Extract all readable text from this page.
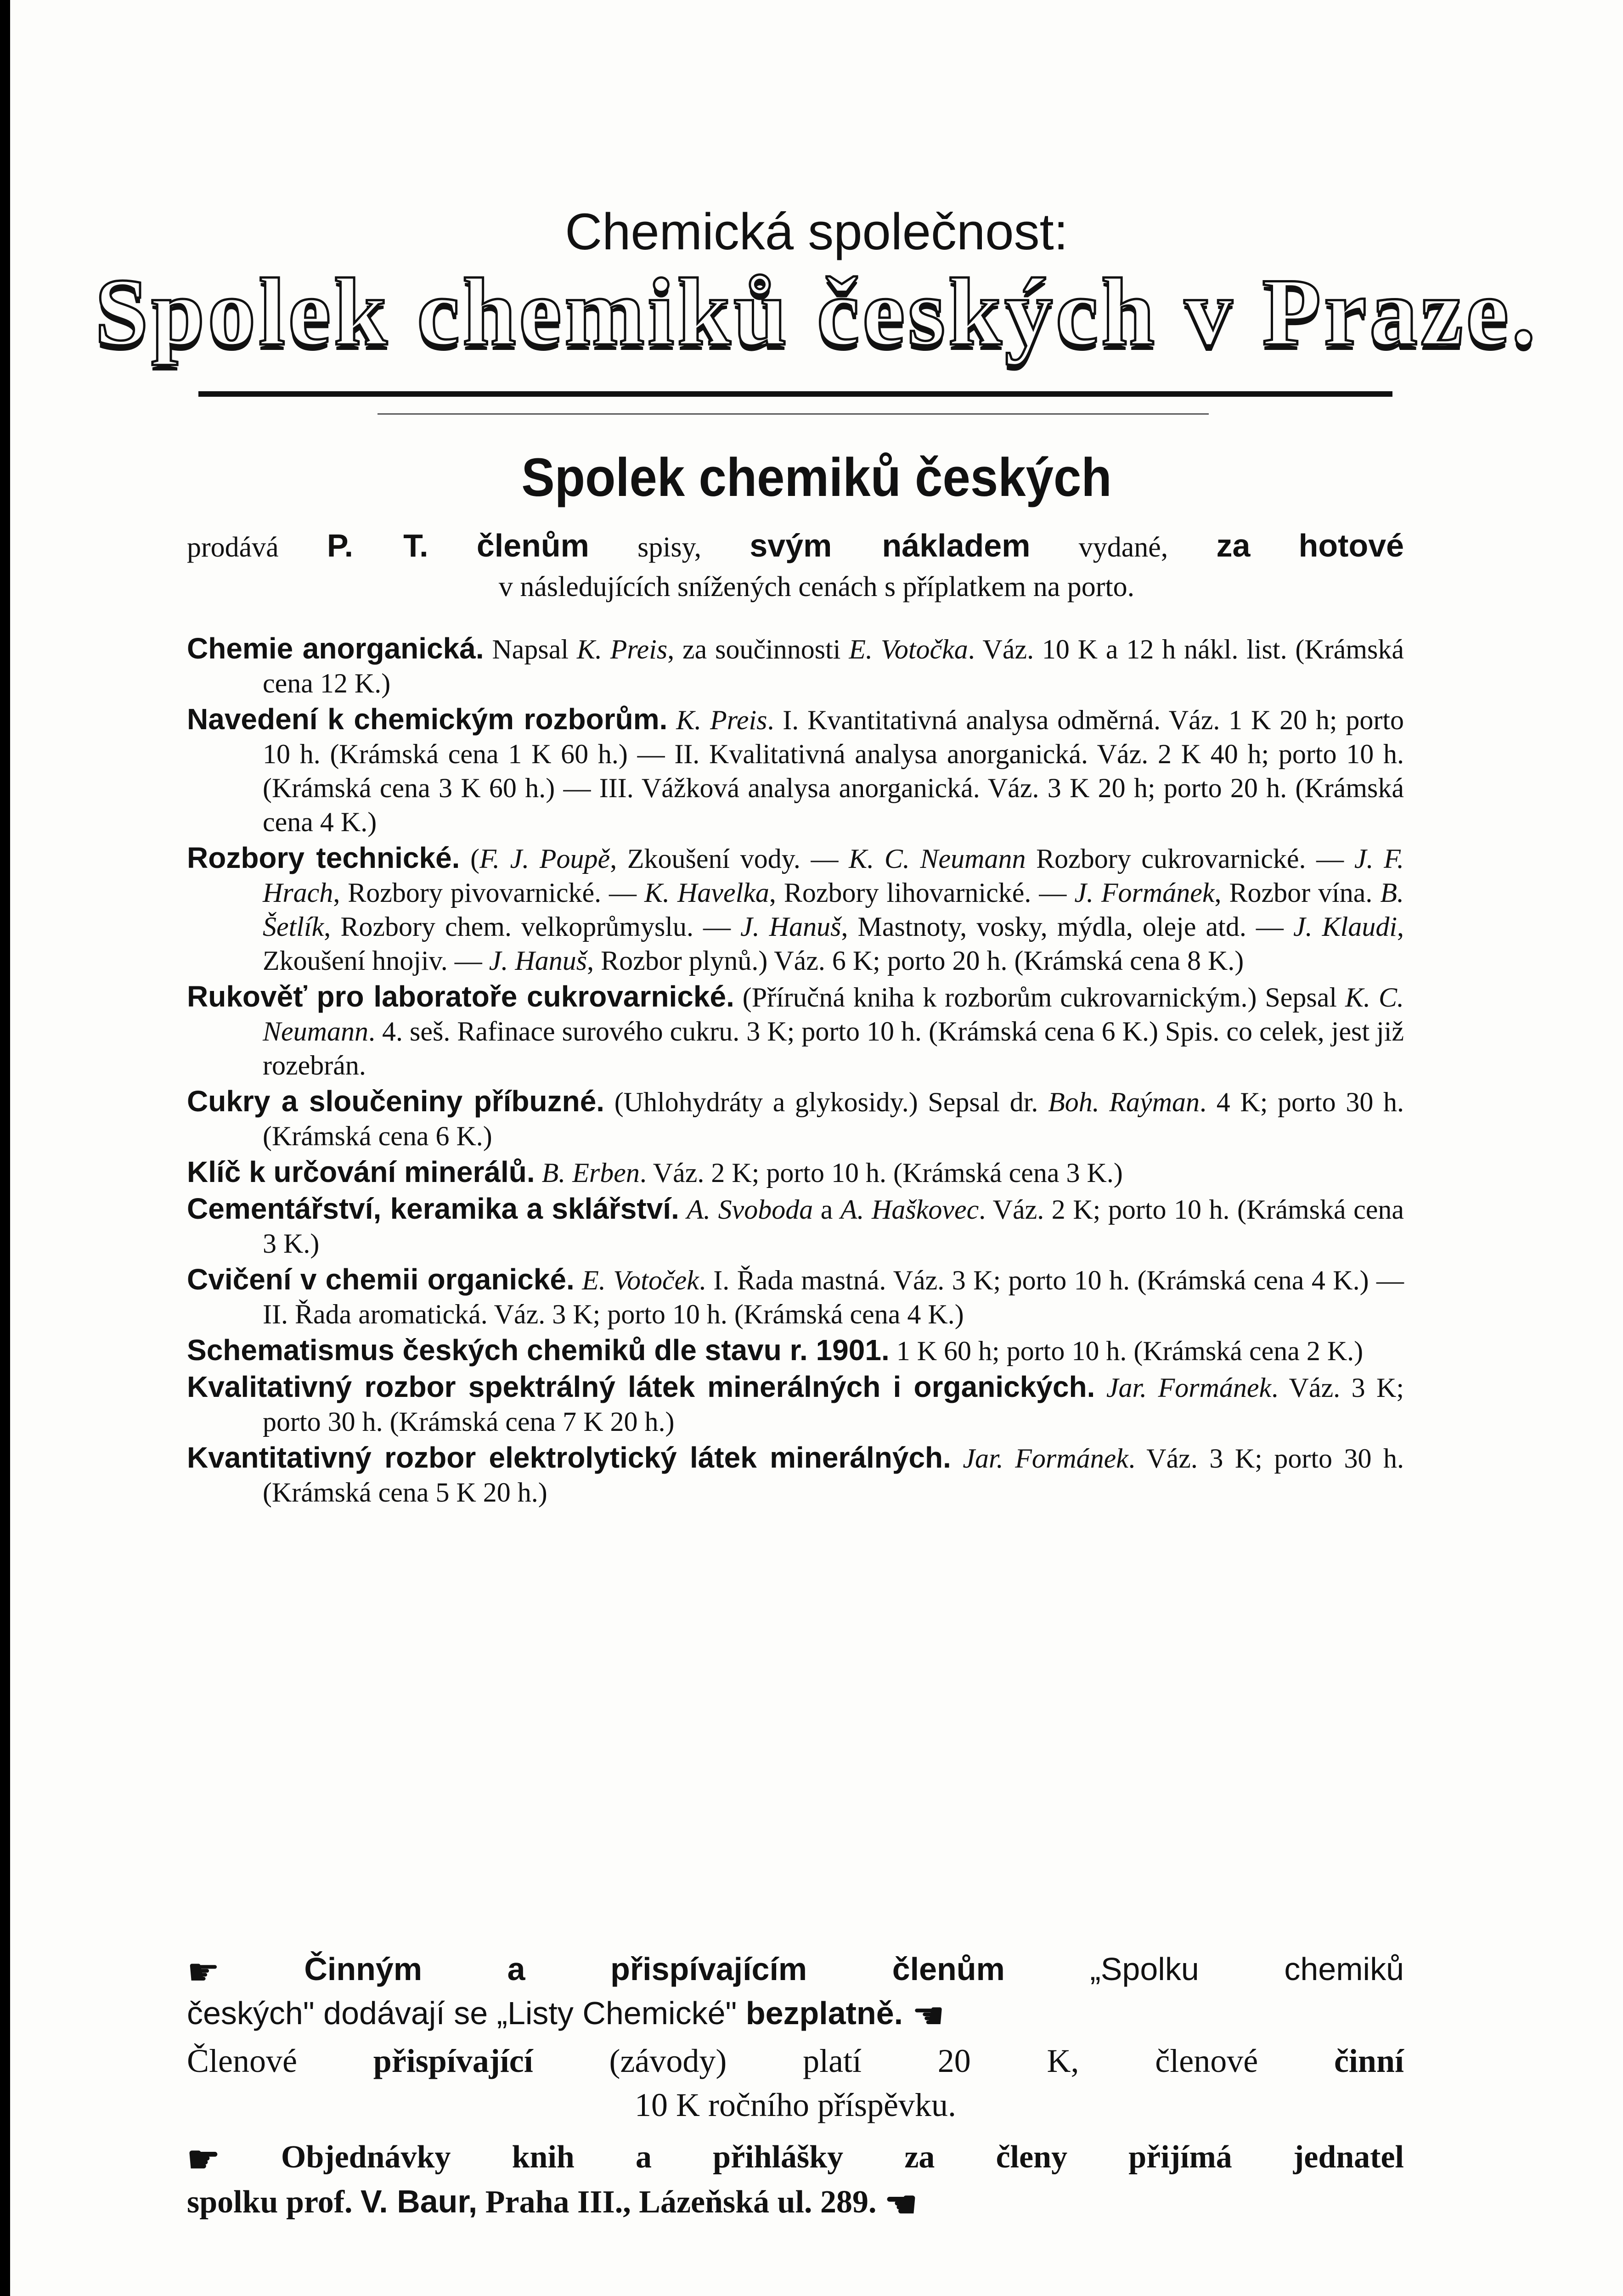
Chemická společnost:
Spolek chemiků českých v Praze.
Spolek chemiků českých
prodává P. T. členům spisy, svým nákladem vydané, za hotové
v následujících snížených cenách s příplatkem na porto.
Chemie anorganická. Napsal K. Preis, za součinnosti E. Votočka. Váz. 10 K a 12 h nákl. list. (Krámská cena 12 K.)
Navedení k chemickým rozborům. K. Preis. I. Kvantitativná analysa odměrná. Váz. 1 K 20 h; porto 10 h. (Krámská cena 1 K 60 h.) — II. Kvalitativná analysa anorganická. Váz. 2 K 40 h; porto 10 h. (Krámská cena 3 K 60 h.) — III. Vážková analysa anorganická. Váz. 3 K 20 h; porto 20 h. (Krámská cena 4 K.)
Rozbory technické. (F. J. Poupě, Zkoušení vody. — K. C. Neumann Rozbory cukrovarnické. — J. F. Hrach, Rozbory pivovarnické. — K. Havelka, Rozbory lihovarnické. — J. Formánek, Rozbor vína. B. Šetlík, Rozbory chem. velkoprůmyslu. — J. Hanuš, Mastnoty, vosky, mýdla, oleje atd. — J. Klaudi, Zkoušení hnojiv. — J. Hanuš, Rozbor plynů.) Váz. 6 K; porto 20 h. (Krámská cena 8 K.)
Rukověť pro laboratoře cukrovarnické. (Příručná kniha k rozborům cukrovarnickým.) Sepsal K. C. Neumann. 4. seš. Rafinace surového cukru. 3 K; porto 10 h. (Krámská cena 6 K.) Spis. co celek, jest již rozebrán.
Cukry a sloučeniny příbuzné. (Uhlohydráty a glykosidy.) Sepsal dr. Boh. Raýman. 4 K; porto 30 h. (Krámská cena 6 K.)
Klíč k určování minerálů. B. Erben. Váz. 2 K; porto 10 h. (Krámská cena 3 K.)
Cementářství, keramika a sklářství. A. Svoboda a A. Haškovec. Váz. 2 K; porto 10 h. (Krámská cena 3 K.)
Cvičení v chemii organické. E. Votoček. I. Řada mastná. Váz. 3 K; porto 10 h. (Krámská cena 4 K.) — II. Řada aromatická. Váz. 3 K; porto 10 h. (Krámská cena 4 K.)
Schematismus českých chemiků dle stavu r. 1901. 1 K 60 h; porto 10 h. (Krámská cena 2 K.)
Kvalitativný rozbor spektrálný látek minerálných i organických. Jar. Formánek. Váz. 3 K; porto 30 h. (Krámská cena 7 K 20 h.)
Kvantitativný rozbor elektrolytický látek minerálných. Jar. Formánek. Váz. 3 K; porto 30 h. (Krámská cena 5 K 20 h.)
☛	Činným a přispívajícím členům „Spolku chemiků
českých" dodávají se „Listy Chemické" bezplatně. ☚
Členové přispívající (závody) platí 20 K, členové činní
10 K ročního příspěvku.
☛ Objednávky knih a přihlášky za členy přijímá jednatel
spolku prof. V. Baur, Praha III., Lázeňská ul. 289. ☚
